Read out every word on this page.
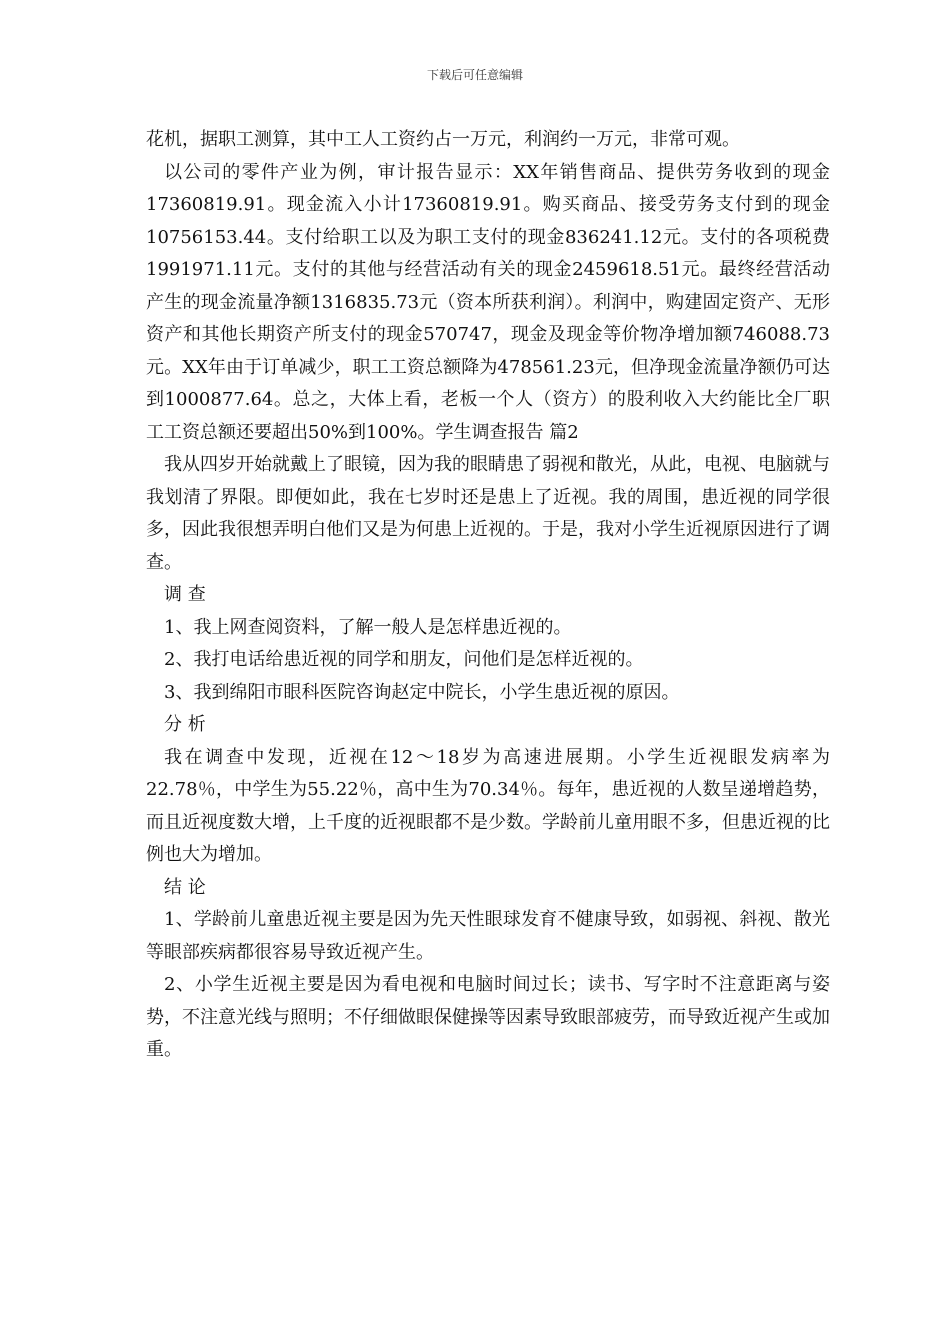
下载后可任意编辑

花机，据职工测算，其中工人工资约占一万元，利润约一万元，非常可观。

以公司的零件产业为例，审计报告显示：XX年销售商品、提供劳务收到的现金17360819.91。现金流入小计17360819.91。购买商品、接受劳务支付到的现金10756153.44。支付给职工以及为职工支付的现金836241.12元。支付的各项税费1991971.11元。支付的其他与经营活动有关的现金2459618.51元。最终经营活动产生的现金流量净额1316835.73元（资本所获利润）。利润中，购建固定资产、无形资产和其他长期资产所支付的现金570747，现金及现金等价物净增加额746088.73元。XX年由于订单减少，职工工资总额降为478561.23元，但净现金流量净额仍可达到1000877.64。总之，大体上看，老板一个人（资方）的股利收入大约能比全厂职工工资总额还要超出50%到100%。学生调查报告 篇2

我从四岁开始就戴上了眼镜，因为我的眼睛患了弱视和散光，从此，电视、电脑就与我划清了界限。即便如此，我在七岁时还是患上了近视。我的周围，患近视的同学很多，因此我很想弄明白他们又是为何患上近视的。于是，我对小学生近视原因进行了调查。

调 查

1、我上网查阅资料，了解一般人是怎样患近视的。

2、我打电话给患近视的同学和朋友，问他们是怎样近视的。

3、我到绵阳市眼科医院咨询赵定中院长，小学生患近视的原因。

分 析

我在调查中发现，近视在12～18岁为高速进展期。小学生近视眼发病率为22.78％，中学生为55.22％，高中生为70.34％。每年，患近视的人数呈递增趋势，而且近视度数大增，上千度的近视眼都不是少数。学龄前儿童用眼不多，但患近视的比例也大为增加。

结 论

1、学龄前儿童患近视主要是因为先天性眼球发育不健康导致，如弱视、斜视、散光等眼部疾病都很容易导致近视产生。

2、小学生近视主要是因为看电视和电脑时间过长；读书、写字时不注意距离与姿势，不注意光线与照明；不仔细做眼保健操等因素导致眼部疲劳，而导致近视产生或加重。
